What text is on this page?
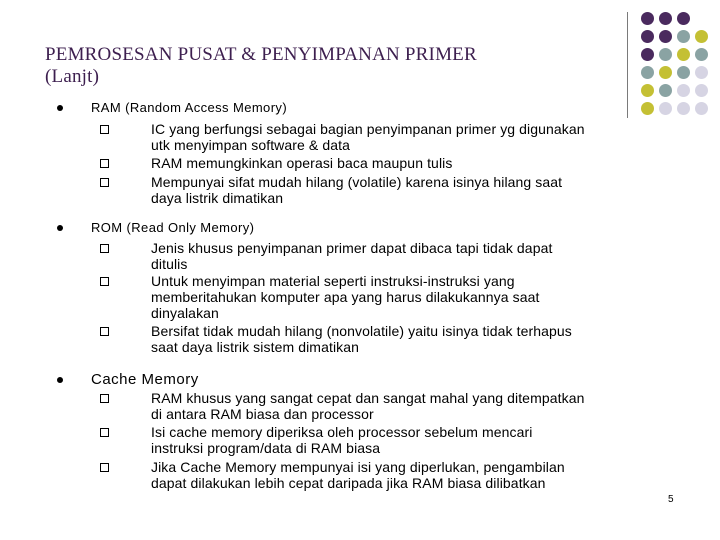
PEMROSESAN PUSAT & PENYIMPANAN PRIMER
(Lanjt)
RAM (Random Access Memory)
IC yang berfungsi sebagai bagian penyimpanan primer yg digunakan
utk menyimpan software & data
RAM memungkinkan operasi baca maupun tulis
Mempunyai sifat mudah hilang (volatile) karena isinya hilang saat
daya listrik dimatikan
ROM (Read Only Memory)
Jenis khusus penyimpanan primer dapat dibaca tapi tidak dapat
ditulis
Untuk menyimpan material seperti instruksi-instruksi yang
memberitahukan komputer apa yang harus dilakukannya saat
dinyalakan
Bersifat tidak mudah hilang (nonvolatile) yaitu isinya tidak terhapus
saat daya listrik sistem dimatikan
Cache Memory
RAM khusus yang sangat cepat dan sangat mahal yang ditempatkan
di antara RAM biasa dan processor
Isi cache memory diperiksa oleh processor sebelum mencari
instruksi program/data di RAM biasa
Jika Cache Memory mempunyai isi yang diperlukan, pengambilan
dapat dilakukan lebih cepat daripada jika RAM biasa dilibatkan
5
